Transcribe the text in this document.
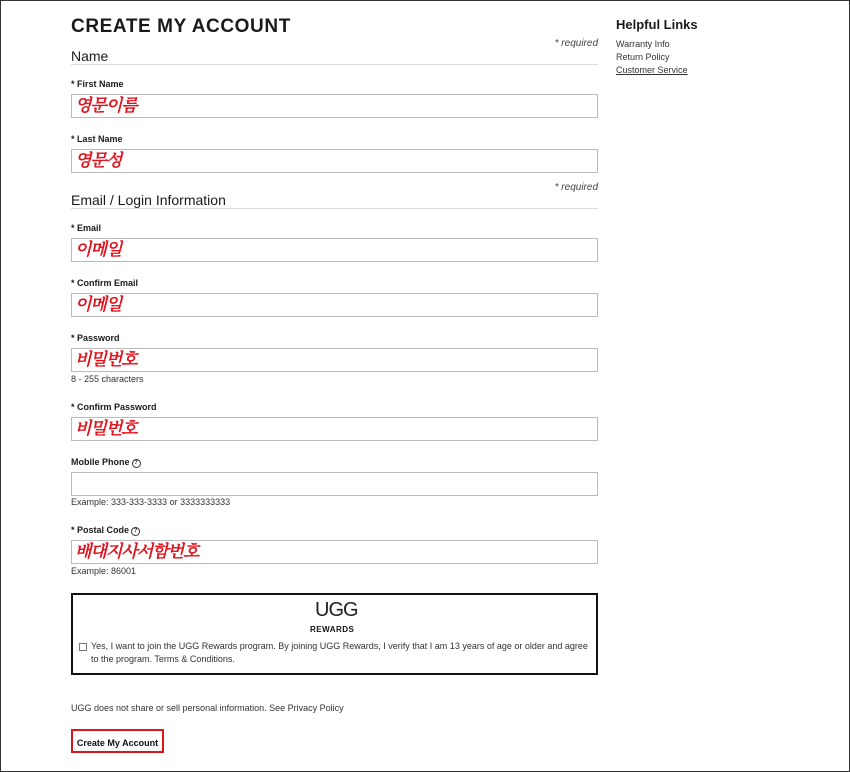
CREATE MY ACCOUNT
Name
* required
* First Name
영문이름
* Last Name
영문성
Email / Login Information
* required
* Email
이메일
* Confirm Email
이메일
* Password
비밀번호
8 - 255 characters
* Confirm Password
비밀번호
Mobile Phone ?
Example: 333-333-3333 or 3333333333
* Postal Code ?
배대지사서함번호
Example: 86001
UGG
REWARDS
Yes, I want to join the UGG Rewards program. By joining UGG Rewards, I verify that I am 13 years of age or older and agree to the program. Terms & Conditions.
UGG does not share or sell personal information. See Privacy Policy
Create My Account
Helpful Links
Warranty Info
Return Policy
Customer Service
